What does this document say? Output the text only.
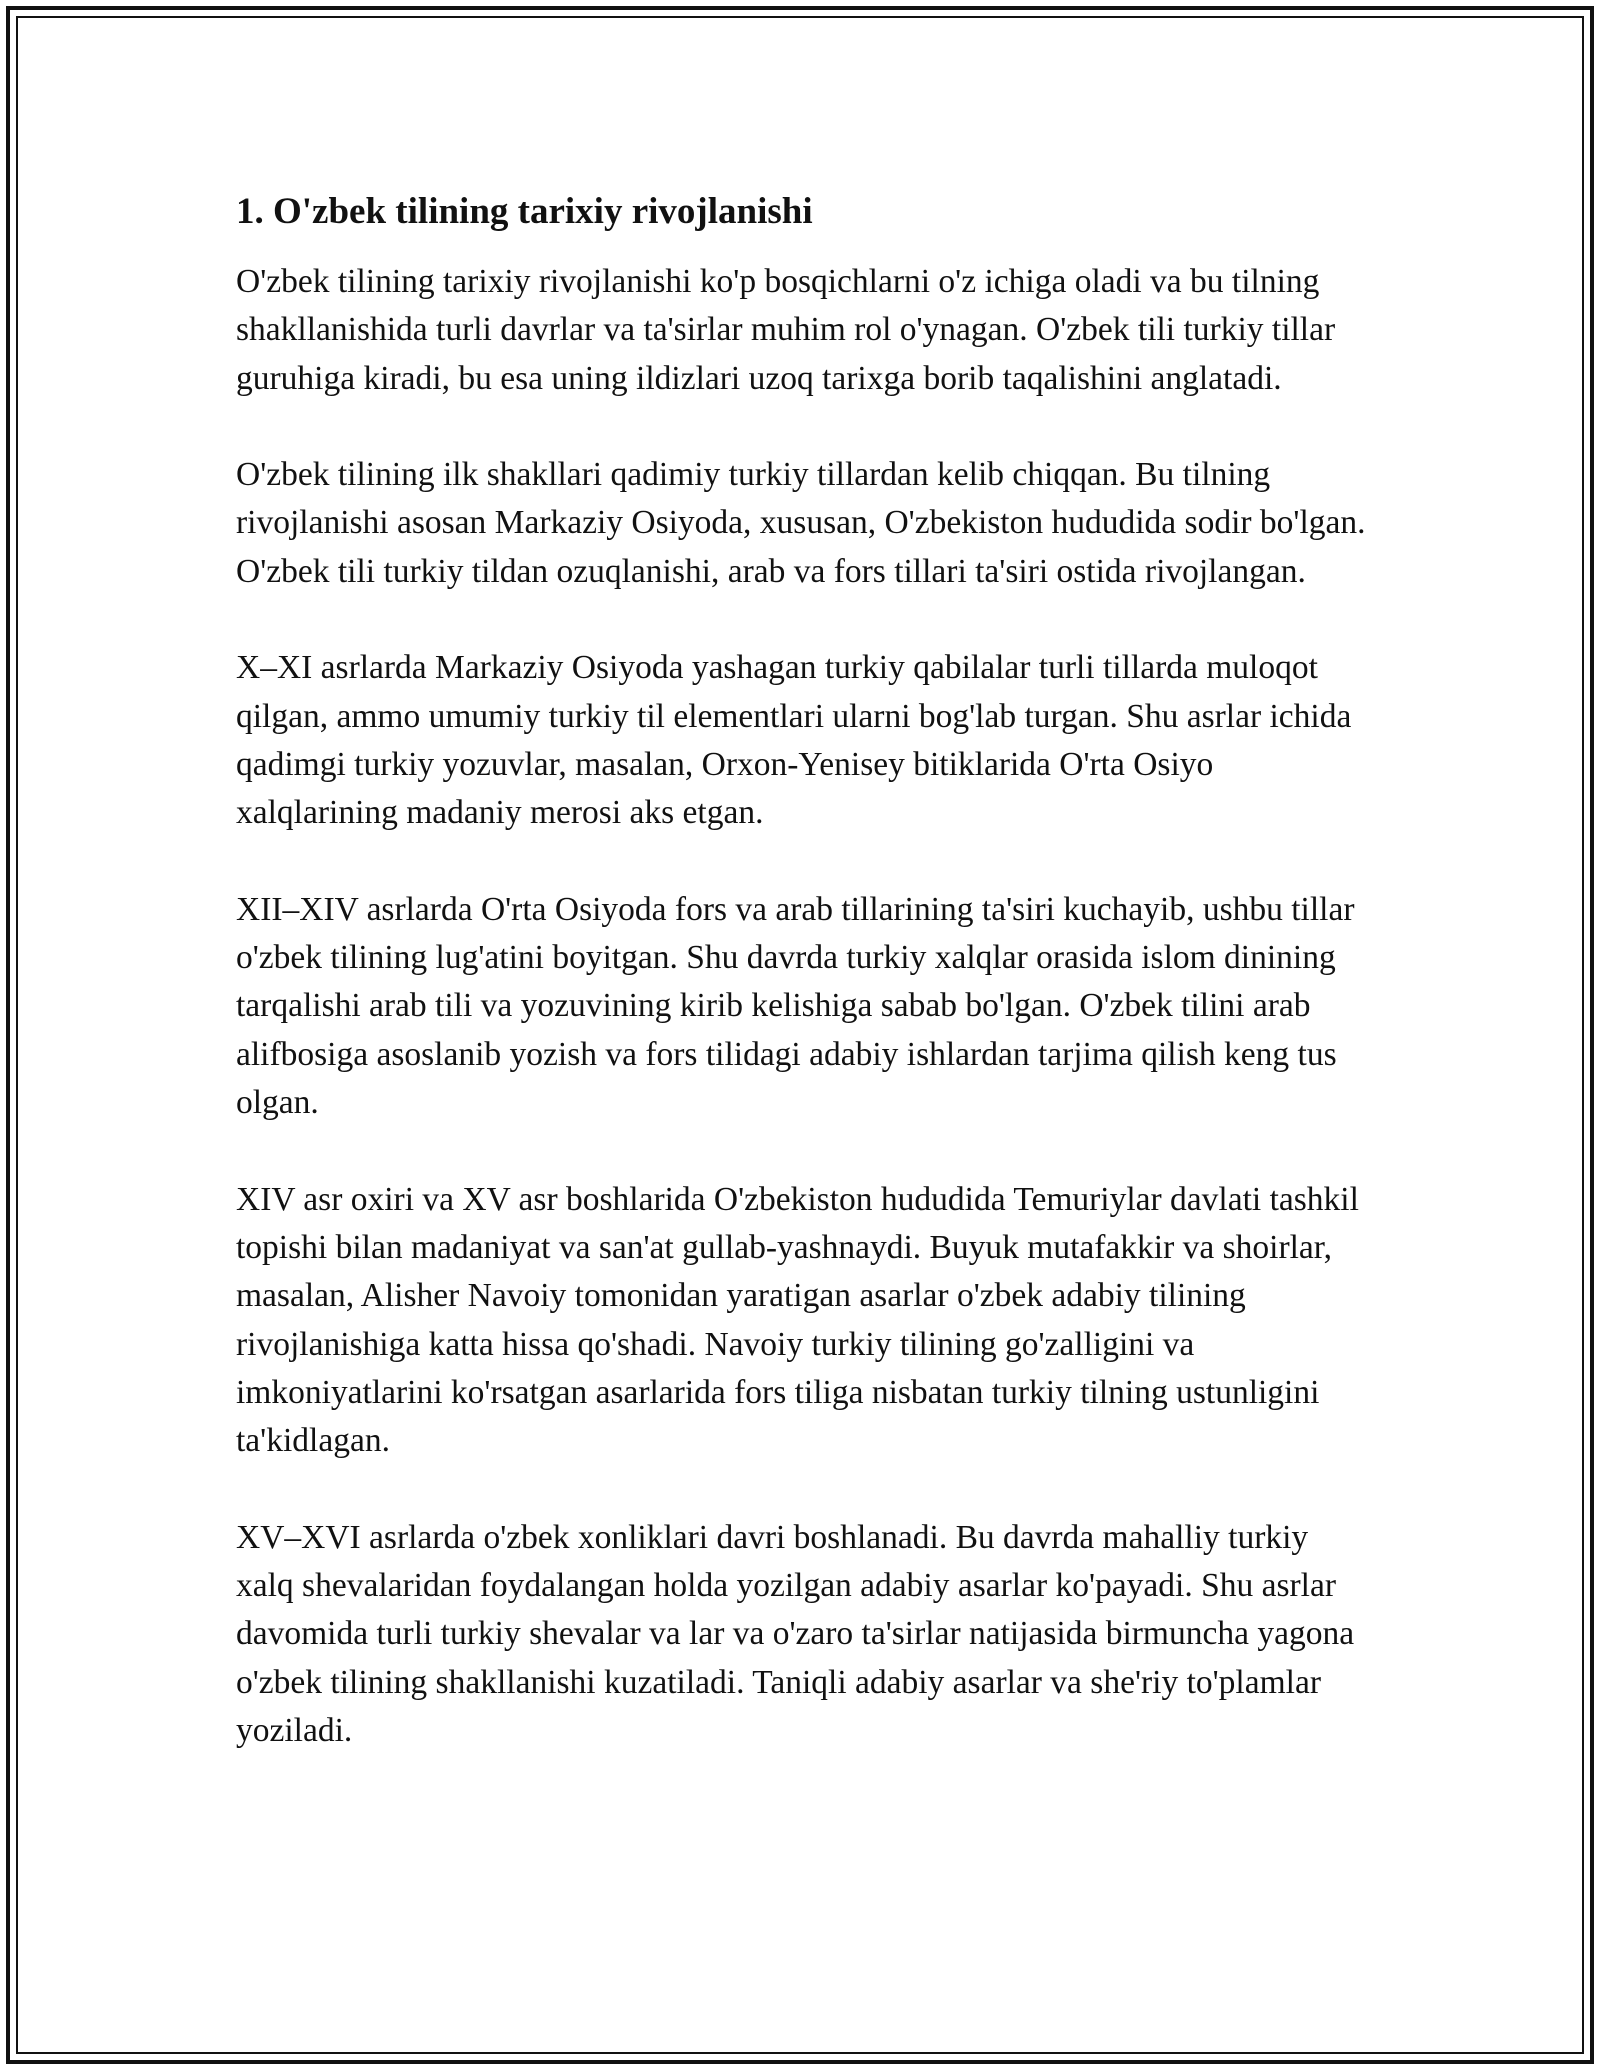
1. O'zbek tilining tarixiy rivojlanishi

O'zbek tilining tarixiy rivojlanishi ko'p bosqichlarni o'z ichiga oladi va bu tilning shakllanishida turli davrlar va ta'sirlar muhim rol o'ynagan. O'zbek tili turkiy tillar guruhiga kiradi, bu esa uning ildizlari uzoq tarixga borib taqalishini anglatadi.

O'zbek tilining ilk shakllari qadimiy turkiy tillardan kelib chiqqan. Bu tilning rivojlanishi asosan Markaziy Osiyoda, xususan, O'zbekiston hududida sodir bo'lgan. O'zbek tili turkiy tildan ozuqlanishi, arab va fors tillari ta'siri ostida rivojlangan.

X–XI asrlarda Markaziy Osiyoda yashagan turkiy qabilalar turli tillarda muloqot qilgan, ammo umumiy turkiy til elementlari ularni bog'lab turgan. Shu asrlar ichida qadimgi turkiy yozuvlar, masalan, Orxon-Yenisey bitiklarida O'rta Osiyo xalqlarining madaniy merosi aks etgan.

XII–XIV asrlarda O'rta Osiyoda fors va arab tillarining ta'siri kuchayib, ushbu tillar o'zbek tilining lug'atini boyitgan. Shu davrda turkiy xalqlar orasida islom dinining tarqalishi arab tili va yozuvining kirib kelishiga sabab bo'lgan. O'zbek tilini arab alifbosiga asoslanib yozish va fors tilidagi adabiy ishlardan tarjima qilish keng tus olgan.

XIV asr oxiri va XV asr boshlarida O'zbekiston hududida Temuriylar davlati tashkil topishi bilan madaniyat va san'at gullab-yashnaydi. Buyuk mutafakkir va shoirlar, masalan, Alisher Navoiy tomonidan yaratigan asarlar o'zbek adabiy tilining rivojlanishiga katta hissa qo'shadi. Navoiy turkiy tilining go'zalligini va imkoniyatlarini ko'rsatgan asarlarida fors tiliga nisbatan turkiy tilning ustunligini ta'kidlagan.

XV–XVI asrlarda o'zbek xonliklari davri boshlanadi. Bu davrda mahalliy turkiy xalq shevalaridan foydalangan holda yozilgan adabiy asarlar ko'payadi. Shu asrlar davomida turli turkiy shevalar va lar va o'zaro ta'sirlar natijasida birmuncha yagona o'zbek tilining shakllanishi kuzatiladi. Taniqli adabiy asarlar va she'riy to'plamlar yoziladi.
